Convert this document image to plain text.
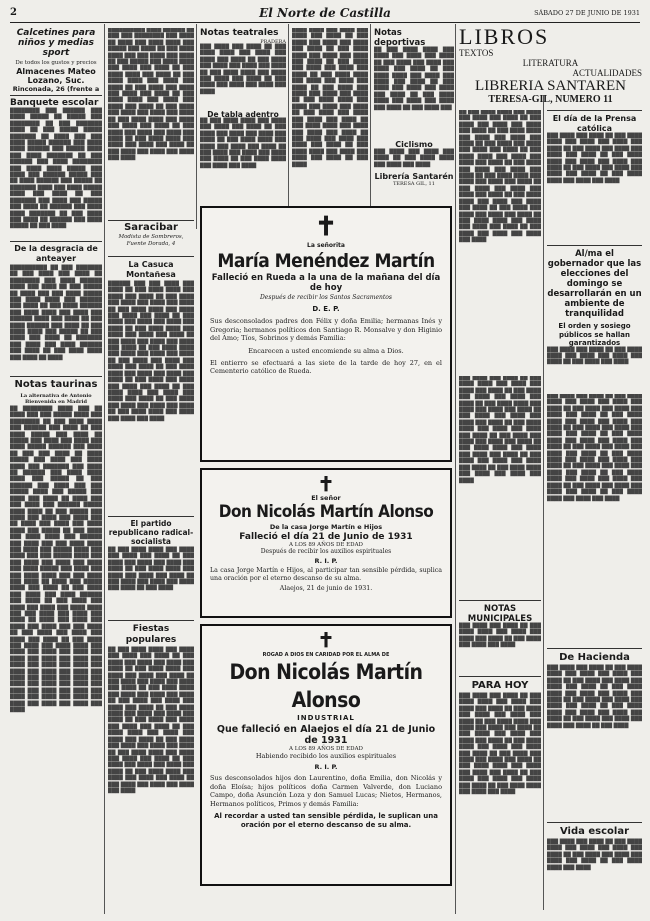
2	El Norte de Castilla	SÁBADO 27 DE JUNIO DE 1931
Calcetines para niños y medias sport
De todos los gustos y precios
Almacenes Mateo Lozano, Suc.
Rinconada, 26 (frente a
Banquete escolar
████████ ███ ██████ ███ ████ █████ ██ █████ ███ ████████ ██ ███ ███████ ████ ██ ███ █████ █████ ███████ ██ ████ ███ ███ ████ █████ ██████ ███ ████ ████ ██████ ███ █████ ████ ███ ████ ███████ ██ ███ ██████ ███ ████ ████████ ███ ████ ████ █████ ███ ████ ███ ██████ █████ ███ ██ ████ ██████ ███ █████ ██ ███████ ████ ███ ████ █████ ████ ███ ████ ██ ███ ███████ ███ ████ ███ █████ ███ ████ ██ ██████ ███ ████ ████ ███████ ██ ███ ████ ███ ████ ██ ██████ ███ ████ █████ ██ ███ ████
De la desgracia de anteayer
██████████ ██ ███ ███████ ██ ███ ████ ███ ████ ██ ████████ ███ ████ ██████ ████ ███ ████ ██ ███ █████ ██ ████ ███ ███ ████ █████ ███ ████ ████ ███ ██████ ███ ████ ██ ███ ████ ██████ ███ ████ ████ ███ ████ ███ ██████ ████ ███ ████ ██ ███ ████ ██████ ███ ████ ██ ███ ████ ████ ███ █████ ██ ███ ████ ███ ████ ██ ███████ ███ ████ ███ ████ ██████ ███ ████ ██ ███ ████ ████ ███ ████ ██ ████
Notas taurinas
La alternativa de Antonio Bienvenida en Madrid
██ ████████ ████ ███ ██ ████ ███ ███ █████ ████ ███ ████████ ██ ███ ████ ████ ███ ██████ ███ ████ ██ ███ ████ █████ ███ ████ ██ █████ ███ ████ ███ ████ ███ ████ █████ ██████ ███ ████ ██ ███ ███ ████ ██ ████ █████ ███ ████ ███ ████ ████ ███ ███████ ███ ████ ██ ██████ ███ ████ ████ ████ ███ █████ ██ ███ ██████ ███ ████ ███ ███ █████ ████ ███ █████ ███ ████ ███ ████ ██ ████ ███ ███ ████ ███ ██████ █████ ████ ████ ██ ███ █████ ███ ████ ███ ████ ███ ████ ███ ██ ████ ███ ████ ███ ████ ████ ███ █████ ██ ███ ████ ███ ████ ████ ███ ██████ ███ ████ ███ ███ ████ ████ ███ ████ ███ █████ ████ ███ ████ ███ ███ █████ ████ ███ ███ ████ ███ ████ ███ ████ ███ ████ █████ ███ ████ ███ ███ ████ ████ ███ ███ ████ ███ ████ ██ ████ ███ █████ ████ ███ ████ ██ ███ ████ ███ ████ ███ ████ ██████ ███ ████ ██ ███ ████ ███ ████ ███ ████ ███ ████ ████ ███ ███ ████ ███ ████ ███ ████ ██ ████ ███ ████ ███ ████ ███ ████ ███ ███ ████ ██ ███ ████ ███ ████ ███ ████ ███ ████ ██ ███ ████ ███ ████ ███ ████ ████ ███ ████ ███ ████ ███ ████ ███ ████ ███ ████ ███ ████ ███ ████ ███ ████ ███ ████ ███ ████ ███ ████ ███ ████ ███ ████ ███ ████ ███ ████ ███ ████ ███ ████ ███ ████ ███ ████ ███ ████ ███ ████ ███ ████ ███ ████ ███ ████ ███ ████ ███ ████ ███ ████ ███ ████
██████████ ████ ██████ ██ ███ ███ ████████ ███ ████ ██ ████ ███ ████ ████ ███ █████ ███ ████ ██ ███ ████ ████ ███ ███ ████ ███ ████ ██ ███ █████ ███ ████ ████ ███ ████ ███ ████ ██ ███ ████ ████ ███ ████ ██ ███ ████ ████ ███ ████ ███ ████ ██ ███ ████ ███ ████ ███ ████ ███ ████ ██ ███ ████ ████ ███ ████ ███ ████ ███ ████ ██ ███ ████ ███ ████ ███ ████ ███ ████ ██ ███ ████ ████ ███ ████ ███ ████ ███ ████ ██ ███ ████ ███ ████ ███ ████ ███ ████ ██ ███ ████ ████ ███ ████ ███ ████ ███ ████ ██ ███ ████ ███ ████ ███ ████ ███ ████
Saracibar
Modista de Sombreros, Fuente Dorada, 4
La Casuca Montañesa
██████ ███ ███ ████ ███ ████ ██ ███ ████ ████ ███ ████ ███ ████ ██ ███ ████ ███ ████ ███ ████ ███ ████ ██ ███ ████ ████ ███ ████ ███ ████ ███ ████ ██ ███ ████ ███ ████ ███ ████ ███ ████ ██ ███ ████ ████ ███ ████ ███ ████ ███ ████ ██ ███ ████ ███ ████ ███ ████ ███ ████ ██ ███ ████ ████ ███ ████ ███ ████ ███ ████ ██ ███ ████ ███ ████ ███ ████ ███ ████ ██ ███ ████ ████ ███ ████ ███ ████ ███ ████ ██ ███ ████ ███ ████ ███ ████ ███ ████ ██ ███ ████ ████ ███ ████ ███ ████ ███ ████ ██ ███ ████ ███ ████ ███ ████ ███ ████ ██ ███ ████ ████ ███ ████ ███ ████ ███ ████
Notas teatrales
PRADERA
███ ████ ███ ████ ██ ███ ████ ████ ███ ████ ███ ████ ███ ████ ██ ███ ████ ███ ████ ███ ████ ███ ████ ██ ███ ████ ████ ███ ████ ███ ████ ███ ████ ██ ███ ████ ███ ████ ███ ████ ███ ████
De tabla adentro
██ ███ ████ ████ ███ ████ ███ ████ ███ ████ ██ ███ ████ ███ ████ ███ ████ ███ ████ ██ ███ ████ ████ ███ ████ ███ ████ ███ ████ ██ ███ ████ ███ ████ ███ ████ ███ ████ ██ ███ ████ ████ ███ ████ ███ ████
████ ████ ███ ████ ███ ████ ███ ████ ██ ███ ████ ███ ████ ███ ████ ███ ████ ██ ███ ████ ████ ███ ████ ███ ████ ███ ████ ██ ███ ████ ███ ████ ███ ████ ███ ████ ██ ███ ████ ████ ███ ████ ███ ████ ███ ████ ██ ███ ████ ███ ████ ███ ████ ███ ████ ██ ███ ████ ████ ███ ████ ███ ████ ███ ████ ██ ███ ████ ███ ████ ███ ████ ███ ████ ██ ███ ████ ████ ███ ████ ███ ████ ███ ████ ██ ███ ████ ███ ████ ███ ████ ███ ████ ██ ███ ████ ████ ███ ████ ███ ████ ███ ████ ██ ███ ████
Notas deportivas
██ ███ ████ ████ ███ ████ ███ ████ ███ ████ ██ ███ ████ ███ ████ ███ ████ ███ ████ ██ ███ ████ ████ ███ ████ ███ ████ ███ ████ ██ ███ ████ ███ ████ ███ ████ ███ ████ ██ ███ ████ ████ ███ ████ ███ ████ ███ ████ ██ ███ ████ ███
Ciclismo
███ ████ ███ ████ ███ ████ ██ ███ ████ ████ ███ ████ ███ ████
Librería Santarén
TERESA GIL, 11
✝
La señorita
María Menéndez Martín
Falleció en Rueda a la una de la mañana del día de hoy
Después de recibir los Santos Sacramentos
D. E. P.
Sus desconsolados padres don Félix y doña Emilia; hermanas Inés y Gregoria; hermanos políticos don Santiago R. Monsalve y don Higinio del Amo; Tíos, Sobrinos y demás Familia:
Encarecen a usted encomiende su alma a Dios.
El entierro se efectuará a las siete de la tarde de hoy 27, en el Cementerio católico de Rueda.
✝
El señor
Don Nicolás Martín Alonso
De la casa Jorge Martín e Hijos
Falleció el día 21 de Junio de 1931
A LOS 89 AÑOS DE EDAD
Después de recibir los auxilios espirituales
R. I. P.
La casa Jorge Martín e Hijos, al participar tan sensible pérdida, suplica una oración por el eterno descanso de su alma.
Alaejos, 21 de junio de 1931.
✝
ROGAD A DIOS EN CARIDAD POR EL ALMA DE
Don Nicolás Martín Alonso
INDUSTRIAL
Que falleció en Alaejos el día 21 de Junio de 1931
A LOS 89 AÑOS DE EDAD
Habiendo recibido los auxilios espirituales
R. I. P.
Sus desconsolados hijos don Laurentino, doña Emilia, don Nicolás y doña Eloísa; hijos políticos doña Carmen Valverde, don Luciano Campo, doña Asunción Loza y don Samuel Lucas; Nietos, Hermanos, Hermanos políticos, Primos y demás Familia:
Al recordar a usted tan sensible pérdida, le suplican una oración por el eterno descanso de su alma.
El partido republicano radical-socialista
██ ███ ████ ████ ███ ████ ███ ████ ███ ████ ██ ███ ████ ███ ████ ███ ████ ███ ████ ██ ███ ████ ████ ███ ████ ███ ████ ███ ████ ██ ███ ████ ███ ████ ███ ████ ███ ████ ██ ███ ████
Fiestas populares
██ ███ ████ ████ ███ ████ ███ ████ ███ ████ ██ ███ ████ ███ ████ ███ ████ ███ ████ ██ ███ ████ ████ ███ ████ ███ ████ ███ ████ ██ ███ ████ ███ ████ ███ ████ ███ ████ ██ ███ ████ ████ ███ ████ ███ ████ ███ ████ ██ ███ ████ ███ ████ ███ ████ ███ ████ ██ ███ ████ ████ ███ ████ ███ ████ ███ ████ ██ ███ ████ ███ ████ ███ ████ ███ ████ ██ ███ ████ ████ ███ ████ ███ ████ ███ ████ ██ ███ ████ ███ ████ ███ ████ ███ ████ ██ ███ ████ ████ ███ ████ ███ ████ ███ ████ ██ ███ ████ ███ ████ ███ ████ ███ ████ ██ ███ ████ ████ ███ ████ ███ ████ ███ ████ ██ ███ ████ ███ ████ ███ ████ ███ ████
LIBROS
TEXTOS
LITERATURA
ACTUALIDADES
LIBRERIA SANTAREN
TERESA-GIL, NUMERO 11
██ ███ ████ ████ ███ ████ ███ ████ ███ ████ ██ ███ ████ ███ ████ ███ ████ ███ ████ ██ ███ ████ ████ ███ ████ ███ ████ ███ ████ ██ ███ ████ ███ ████ ███ ████ ███ ████ ██ ███ ████ ████ ███ ████ ███ ████ ███ ████ ██ ███ ████ ███ ████ ███ ████ ███ ████ ██ ███ ████ ████ ███ ████ ███ ████ ███ ████ ██ ███ ████ ███ ████ ███ ████ ███ ████ ██ ███ ████ ████ ███ ████ ███ ████ ███ ████ ██ ███ ████ ███ ████ ███ ████ ███ ████ ██ ███ ████ ████ ███ ████ ███ ████ ███ ████ ██ ███ ████ ███ ████ ███ ████ ███ ████
███ ████ ███ ████ ██ ███ ████ ████ ███ ████ ███ ████ ███ ████ ██ ███ ████ ███ ████ ███ ████ ███ ████ ██ ███ ████ ████ ███ ████ ███ ████ ███ ████ ██ ███ ████ ███ ████ ███ ████ ███ ████ ██ ███ ████ ████ ███ ████ ███ ████ ███ ████ ██ ███ ████ ███ ████ ███ ████ ███ ████ ██ ███ ████ ████ ███ ████ ███ ████ ███ ████ ██ ███ ████ ███ ████ ███ ████ ███ ████ ██ ███ ████ ████ ███ ████ ███ ████ ███ ████
NOTAS MUNICIPALES
███ ████ ███ ████ ██ ███ ████ ████ ███ ████ ███ ████ ███ ████ ██ ███ ████ ███ ████ ███ ████
PARA HOY
███ ████ ███ ████ ██ ███ ████ ████ ███ ████ ███ ████ ███ ████ ██ ███ ████ ███ ████ ███ ████ ███ ████ ██ ███ ████ ████ ███ ████ ███ ████ ███ ████ ██ ███ ████ ███ ████ ███ ████ ███ ████ ██ ███ ████ ████ ███ ████ ███ ████ ███ ████ ██ ███ ████ ███ ████ ███ ████ ███ ████ ██ ███ ████ ████ ███ ████ ███ ████ ███ ████ ██ ███ ████ ███ ████ ███ ████ ███ ████ ██ ███ ████ ████ ███ ████ ███ ████
El día de la Prensa católica
███ ████ ███ ████ ██ ███ ████ ████ ███ ████ ███ ████ ███ ████ ██ ███ ████ ███ ████ ███ ████ ███ ████ ██ ███ ████ ████ ███ ████ ███ ████ ███ ████ ██ ███ ████ ███ ████ ███ ████ ███ ████ ██ ███ ████ ████ ███ ████ ███ ████
Al/ma el gobernador que las elecciones del domingo se desarrollarán en un ambiente de tranquilidad
El orden y sosiego públicos se hallan garantizados
███ ████ ███ ████ ██ ███ ████ ████ ███ ████ ███ ████ ███ ████ ██ ███ ████ ███ ████
███ ████ ███ ████ ██ ███ ████ ████ ███ ████ ███ ████ ███ ████ ██ ███ ████ ███ ████ ███ ████ ███ ████ ██ ███ ████ ████ ███ ████ ███ ████ ███ ████ ██ ███ ████ ███ ████ ███ ████ ███ ████ ██ ███ ████ ████ ███ ████ ███ ████ ███ ████ ██ ███ ████ ███ ████ ███ ████ ███ ████ ██ ███ ████ ████ ███ ████ ███ ████ ███ ████ ██ ███ ████ ███ ████ ███ ████ ███ ████ ██ ███ ████ ████ ███ ████ ███ ████ ███ ████ ██ ███ ████ ███ ████ ███ ████ ███ ████ ██ ███ ████ ████ ███ ████ ███ ████
De Hacienda
███ ████ ███ ████ ██ ███ ████ ████ ███ ████ ███ ████ ███ ████ ██ ███ ████ ███ ████ ███ ████ ███ ████ ██ ███ ████ ████ ███ ████ ███ ████ ███ ████ ██ ███ ████ ███ ████ ███ ████ ███ ████ ██ ███ ████ ████ ███ ████ ███ ████ ███ ████ ██ ███ ████ ███ ████ ███ ████ ███ ████ ██ ███ ████
Vida escolar
███ ████ ███ ████ ██ ███ ████ ████ ███ ████ ███ ████ ███ ████ ██ ███ ████ ███ ████ ███ ████ ███ ████ ██ ███ ████ ████ ███ ████
